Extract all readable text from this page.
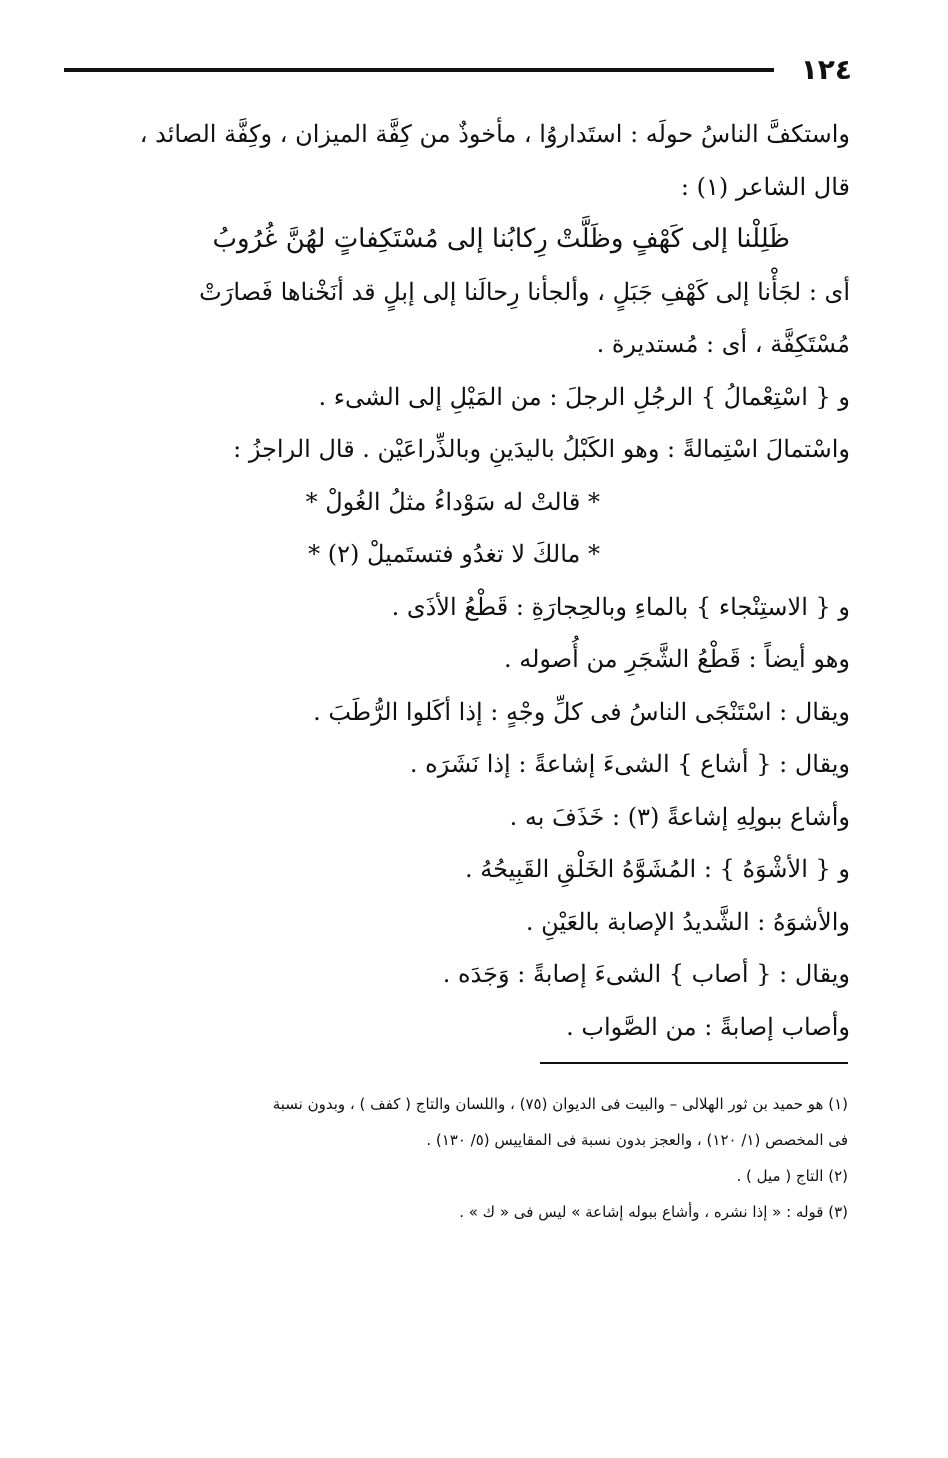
١٢٤
واستكفَّ الناسُ حولَه : استَداروُا ، مأخوذٌ من كِفَّة الميزان ، وكِفَّة الصائد ،
قال الشاعر (١) :
ظَلِلْنا إلى كَهْفٍ وظَلَّتْ رِكابُنا إلى مُسْتَكِفاتٍ لهُنَّ غُرُوبُ
أى : لجَأْنا إلى كَهْفِ جَبَلٍ ، وألجأنا رِحالَنا إلى إبلٍ قد أنَخْناها فَصارَتْ
مُسْتَكِفَّة ، أى : مُستديرة .
و { اسْتِعْمالُ } الرجُلِ الرجلَ : من المَيْلِ إلى الشىء .
واسْتمالَ اسْتِمالةً : وهو الكَبْلُ باليدَينِ وبالذِّراعَيْن . قال الراجزُ :
* قالتْ له سَوْداءُ مثلُ الغُولْ *
* مالكَ لا تغدُو فتستَميلْ (٢) *
و { الاستِنْجاء } بالماءِ وبالحِجارَةِ : قَطْعُ الأذَى .
وهو أيضاً : قَطْعُ الشَّجَرِ من أُصوله .
ويقال : اسْتَنْجَى الناسُ فى كلِّ وجْهٍ : إذا أكَلوا الرُّطَبَ .
ويقال : { أشاع } الشىءَ إشاعةً : إذا نَشَرَه .
وأشاع ببولِهِ إشاعةً (٣) : خَذَفَ به .
و { الأشْوَهُ } : المُشَوَّهُ الخَلْقِ القَبِيحُهُ .
والأشوَهُ : الشَّديدُ الإصابة بالعَيْنِ .
ويقال : { أصاب } الشىءَ إصابةً : وَجَدَه .
وأصاب إصابةً : من الصَّواب .
(١) هو حميد بن ثور الهلالى – والبيت فى الديوان (٧٥) ، واللسان والتاج ( كفف ) ، وبدون نسبة
فى المخصص (١/ ١٢٠) ، والعجز بدون نسبة فى المقاييس (٥/ ١٣٠) .
(٢) التاج ( ميل ) .
(٣) قوله : « إذا نشره ، وأشاع ببوله إشاعة » ليس فى « ك » .
